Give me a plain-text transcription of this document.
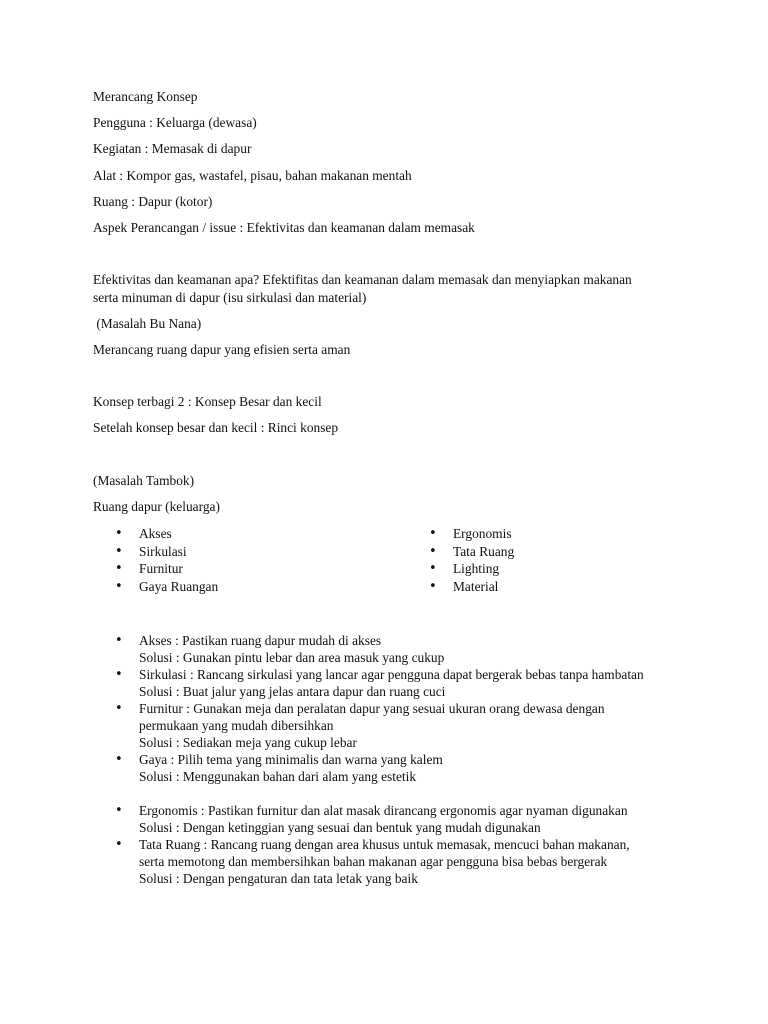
Merancang Konsep
Pengguna : Keluarga (dewasa)
Kegiatan : Memasak di dapur
Alat : Kompor gas, wastafel, pisau, bahan makanan mentah
Ruang : Dapur (kotor)
Aspek Perancangan / issue : Efektivitas dan keamanan dalam memasak
Efektivitas dan keamanan apa? Efektifitas dan keamanan dalam memasak dan menyiapkan makanan
serta minuman di dapur (isu sirkulasi dan material)
(Masalah Bu Nana)
Merancang ruang dapur yang efisien serta aman
Konsep terbagi 2 : Konsep Besar dan kecil
Setelah konsep besar dan kecil : Rinci konsep
(Masalah Tambok)
Ruang dapur (keluarga)
• Akses
• Sirkulasi
• Furnitur
• Gaya Ruangan
• Ergonomis
• Tata Ruang
• Lighting
• Material
• Akses : Pastikan ruang dapur mudah di akses
Solusi : Gunakan pintu lebar dan area masuk yang cukup
• Sirkulasi : Rancang sirkulasi yang lancar agar pengguna dapat bergerak bebas tanpa hambatan
Solusi : Buat jalur yang jelas antara dapur dan ruang cuci
• Furnitur : Gunakan meja dan peralatan dapur yang sesuai ukuran orang dewasa dengan
permukaan yang mudah dibersihkan
Solusi : Sediakan meja yang cukup lebar
• Gaya : Pilih tema yang minimalis dan warna yang kalem
Solusi : Menggunakan bahan dari alam yang estetik
• Ergonomis : Pastikan furnitur dan alat masak dirancang ergonomis agar nyaman digunakan
Solusi : Dengan ketinggian yang sesuai dan bentuk yang mudah digunakan
• Tata Ruang : Rancang ruang dengan area khusus untuk memasak, mencuci bahan makanan,
serta memotong dan membersihkan bahan makanan agar pengguna bisa bebas bergerak
Solusi : Dengan pengaturan dan tata letak yang baik
